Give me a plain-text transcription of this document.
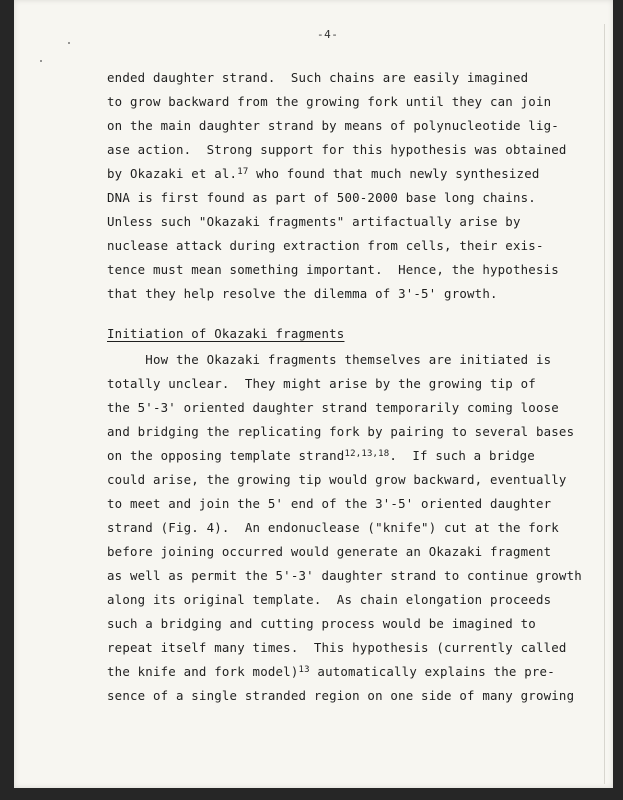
-4-

ended daughter strand.  Such chains are easily imagined

to grow backward from the growing fork until they can join

on the main daughter strand by means of polynucleotide lig-

ase action.  Strong support for this hypothesis was obtained

by Okazaki et al.$^{17}$ who found that much newly synthesized

DNA is first found as part of 500-2000 base long chains.

Unless such "Okazaki fragments" artifactually arise by

nuclease attack during extraction from cells, their exis-

tence must mean something important.  Hence, the hypothesis

that they help resolve the dilemma of 3'-5' growth.

Initiation of Okazaki fragments

How the Okazaki fragments themselves are initiated is

totally unclear.  They might arise by the growing tip of

the 5'-3' oriented daughter strand temporarily coming loose

and bridging the replicating fork by pairing to several bases

on the opposing template strand$^{12,13,18}$.  If such a bridge

could arise, the growing tip would grow backward, eventually

to meet and join the 5' end of the 3'-5' oriented daughter

strand (Fig. 4).  An endonuclease ("knife") cut at the fork

before joining occurred would generate an Okazaki fragment

as well as permit the 5'-3' daughter strand to continue growth

along its original template.  As chain elongation proceeds

such a bridging and cutting process would be imagined to

repeat itself many times.  This hypothesis (currently called

the knife and fork model)$^{13}$ automatically explains the pre-

sence of a single stranded region on one side of many growing
